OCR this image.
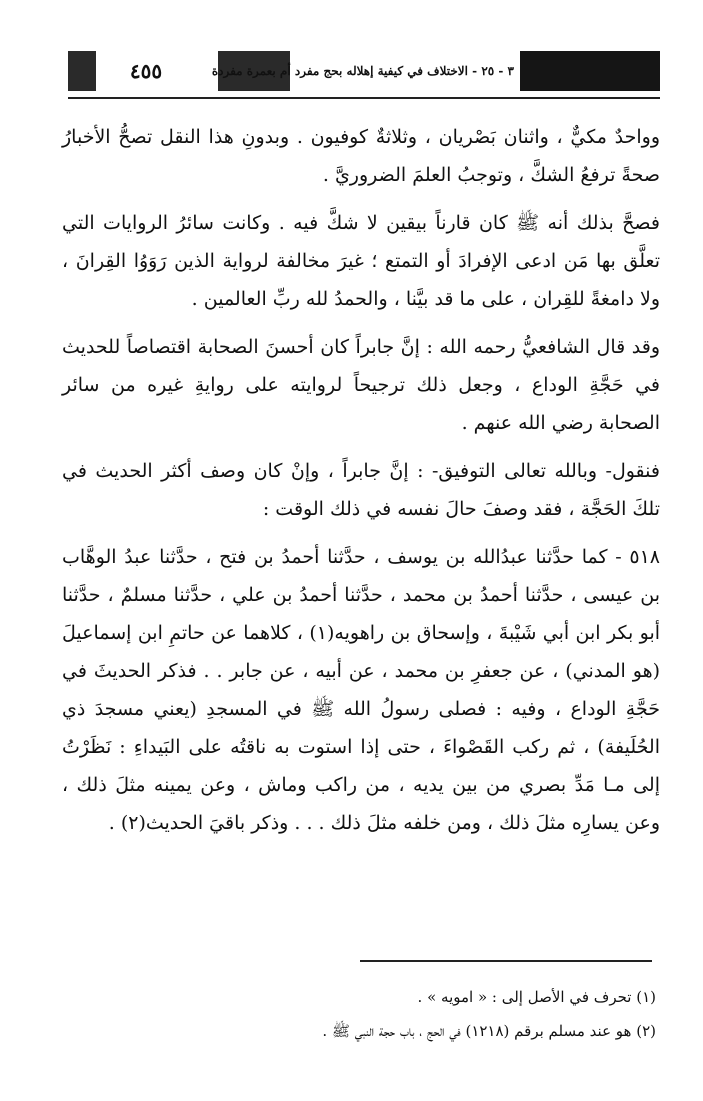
٤٥٥	٣ - ٢٥ - الاختلاف في كيفية إهلاله بحج مفرد أم بعمرة مفردة

وواحدٌ مكيٌّ ، واثنان بَصْريان ، وثلاثةٌ كوفيون . وبدونِ هذا النقل تصحُّ الأخبارُ صحةً ترفعُ الشكَّ ، وتوجبُ العلمَ الضروريَّ .

فصحَّ بذلك أنه ﷺ كان قارناً بيقين لا شكَّ فيه . وكانت سائرُ الروايات التي تعلَّق بها مَن ادعى الإفرادَ أو التمتع ؛ غيرَ مخالفة لرواية الذين رَوَوُا القِرانَ ، ولا دامغةً للقِران ، على ما قد بيَّنا ، والحمدُ لله ربِّ العالمين .

وقد قال الشافعيُّ رحمه الله : إنَّ جابراً كان أحسنَ الصحابة اقتصاصاً للحديث في حَجَّةِ الوداع ، وجعل ذلك ترجيحاً لروايته على روايةِ غيره من سائر الصحابة رضي الله عنهم .

فنقول- وبالله تعالى التوفيق- : إنَّ جابراً ، وإنْ كان وصف أكثر الحديث في تلكَ الحَجَّة ، فقد وصفَ حالَ نفسه في ذلك الوقت :

٥١٨ - كما حدَّثنا عبدُالله بن يوسف ، حدَّثنا أحمدُ بن فتح ، حدَّثنا عبدُ الوهَّاب بن عيسى ، حدَّثنا أحمدُ بن محمد ، حدَّثنا أحمدُ بن علي ، حدَّثنا مسلمٌ ، حدَّثنا أبو بكر ابن أبي شَيْبةَ ، وإسحاق بن راهويه(١) ، كلاهما عن حاتمِ ابن إسماعيلَ (هو المدني) ، عن جعفرِ بن محمد ، عن أبيه ، عن جابر . . فذكر الحديثَ في حَجَّةِ الوداع ، وفيه : فصلى رسولُ الله ﷺ في المسجدِ (يعني مسجدَ ذي الحُلَيفة) ، ثم ركب القَصْواءَ ، حتى إذا استوت به ناقتُه على البَيداءِ : نَظَرْتُ إلى مـا مَدِّ بصري من بين يديه ، من راكب وماش ، وعن يمينه مثلَ ذلك ، وعن يسارِه مثلَ ذلك ، ومن خلفه مثلَ ذلك . . . وذكر باقيَ الحديث(٢) .

(١) تحرف في الأصل إلى : « امويه » .

(٢) هو عند مسلم برقم (١٢١٨) في الحج ، باب حجة النبي ﷺ .
